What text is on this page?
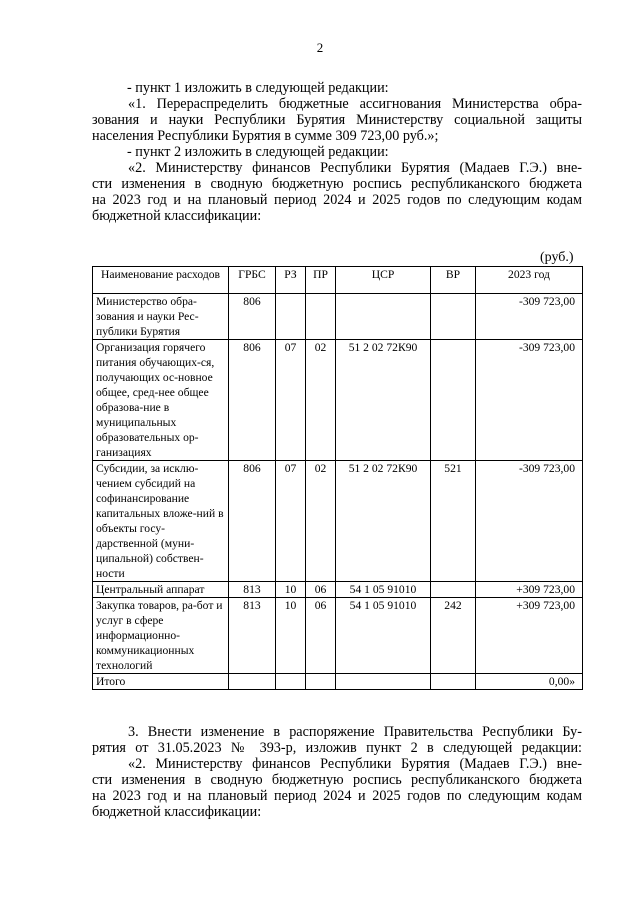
2
- пункт 1 изложить в следующей редакции:
«1. Перераспределить бюджетные ассигнования Министерства обра-
зования и науки Республики Бурятия Министерству социальной защиты
населения Республики Бурятия в сумме 309 723,00 руб.»;
- пункт 2 изложить в следующей редакции:
«2. Министерству финансов Республики Бурятия (Мадаев Г.Э.) вне-
сти изменения в сводную бюджетную роспись республиканского бюджета
на 2023 год и на плановый период 2024 и 2025 годов по следующим кодам
бюджетной классификации:
(руб.)
Наименование расходов	ГРБС	РЗ	ПР	ЦСР	ВР	2023 год
Министерство обра-зования и науки Рес-публики Бурятия	806					-309 723,00
Организация горячего питания обучающих-ся, получающих ос-новное общее, сред-нее общее образова-ние в муниципальных образовательных ор-ганизациях	806	07	02	51 2 02 72К90		-309 723,00
Субсидии, за исклю-чением субсидий на софинансирование капитальных вложе-ний в объекты госу-дарственной (муни-ципальной) собствен-ности	806	07	02	51 2 02 72К90	521	-309 723,00
Центральный аппарат	813	10	06	54 1 05 91010		+309 723,00
Закупка товаров, ра-бот и услуг в сфере информационно-коммуникационных технологий	813	10	06	54 1 05 91010	242	+309 723,00
Итого						0,00»
3. Внести изменение в распоряжение Правительства Республики Бу-
рятия от 31.05.2023 № 393-р, изложив пункт 2 в следующей редакции:
«2. Министерству финансов Республики Бурятия (Мадаев Г.Э.) вне-
сти изменения в сводную бюджетную роспись республиканского бюджета
на 2023 год и на плановый период 2024 и 2025 годов по следующим кодам
бюджетной классификации:
